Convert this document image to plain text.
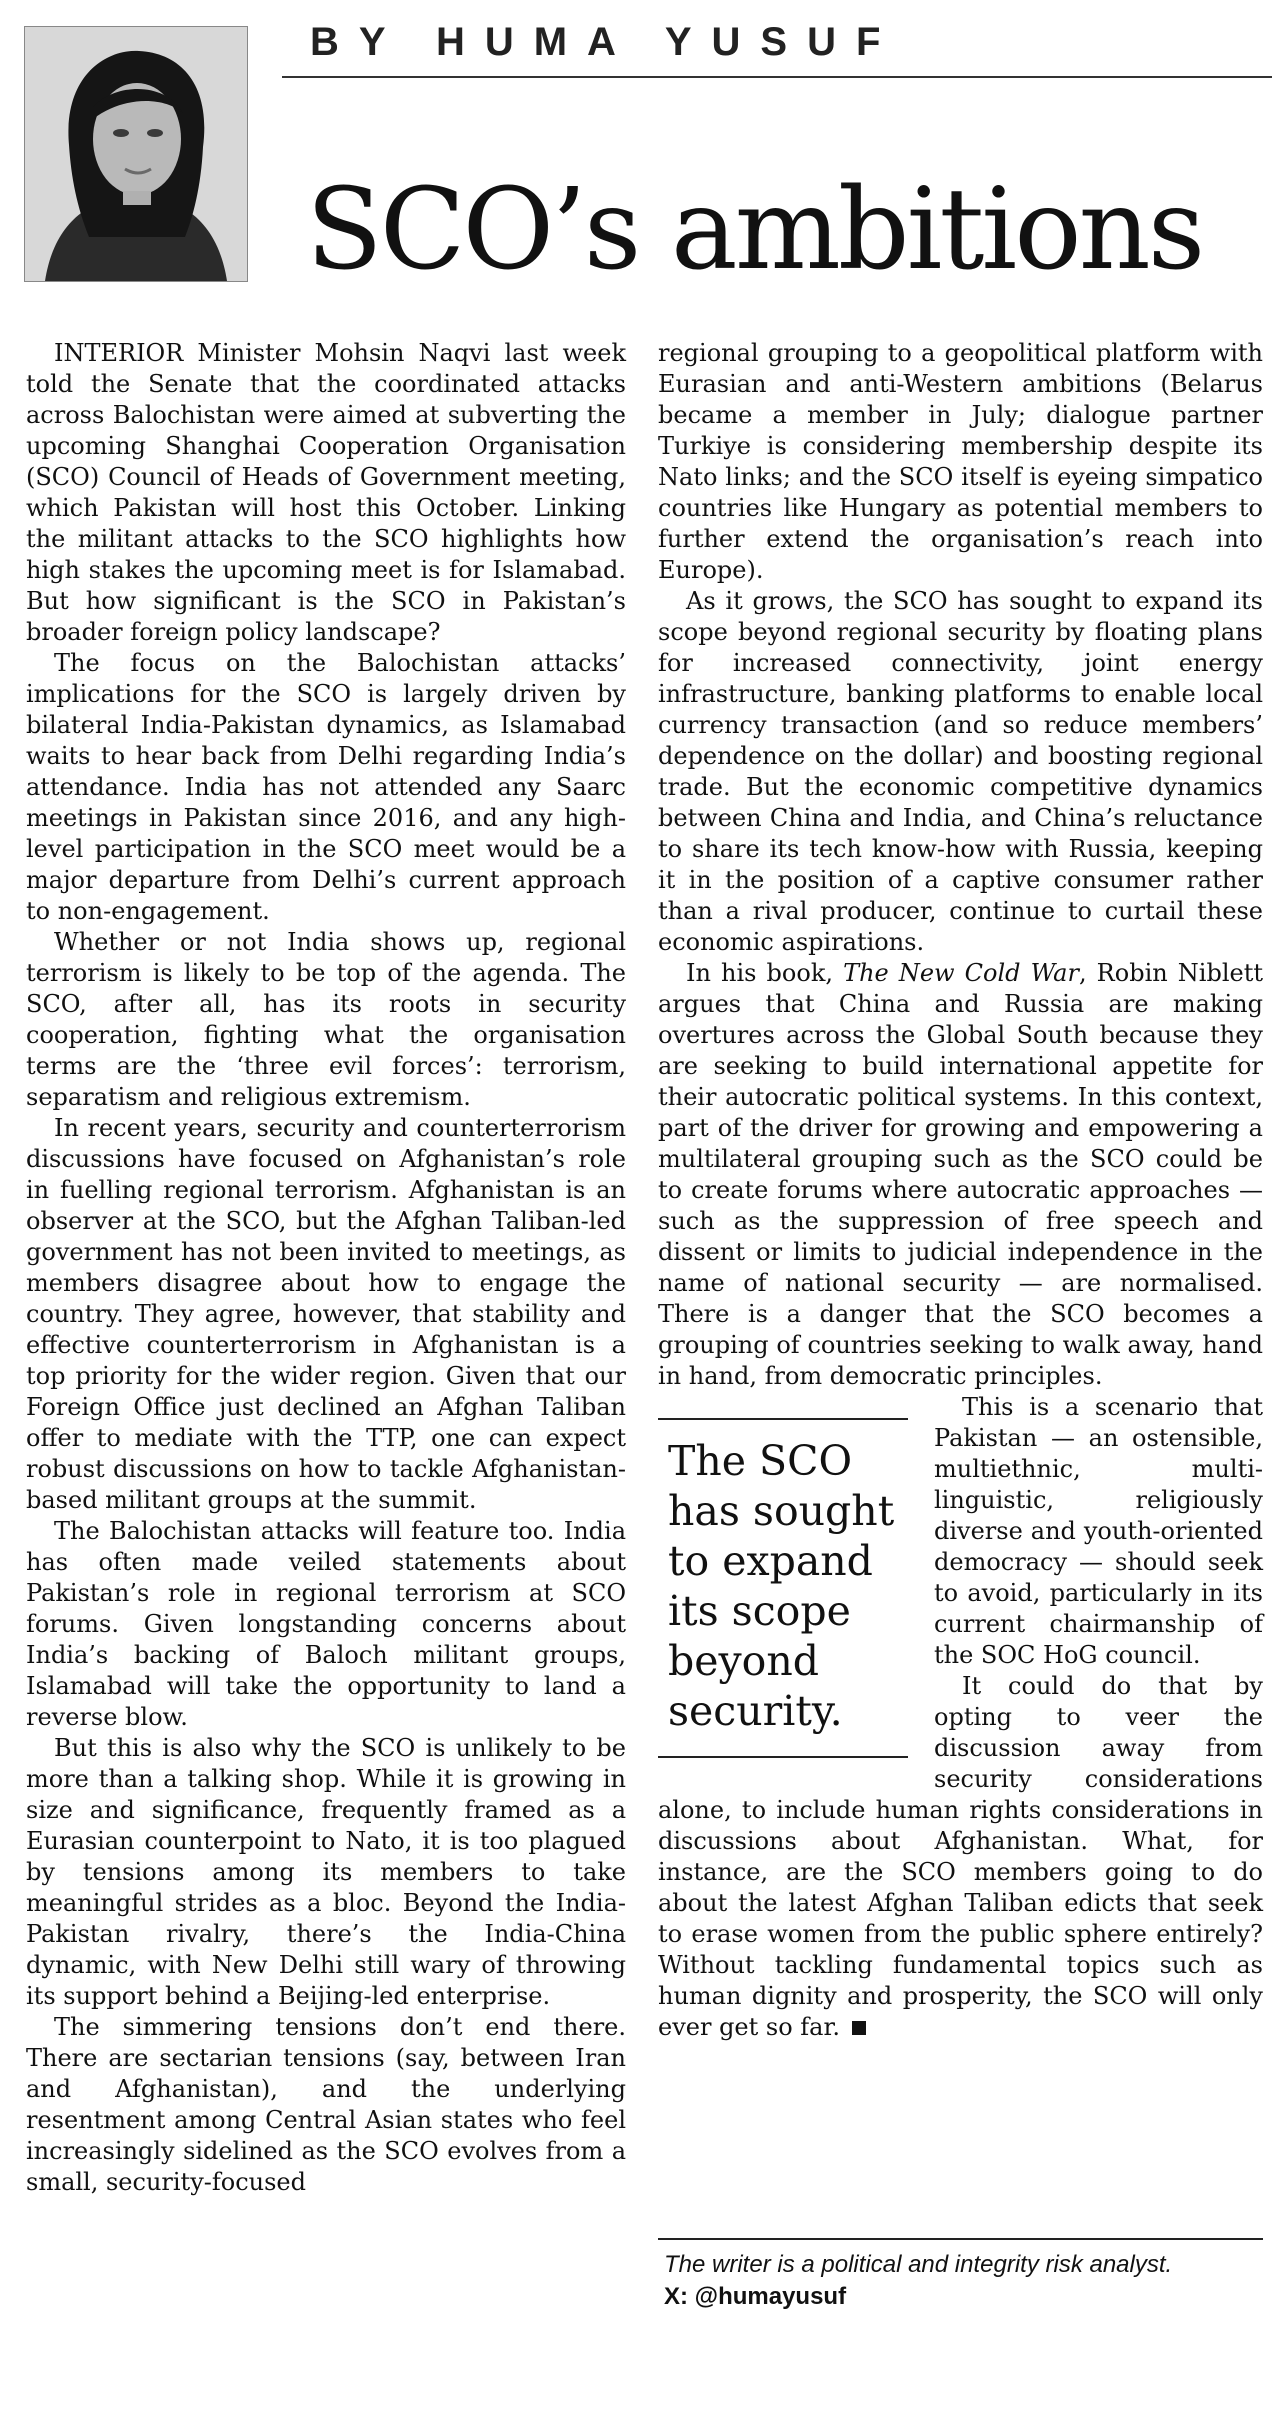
BY HUMA YUSUF
SCO’s ambitions

INTERIOR Minister Mohsin Naqvi last week told the Senate that the coordinated attacks across Balochistan were aimed at subverting the upcoming Shanghai Cooperation Organisation (SCO) Council of Heads of Government meeting, which Pakistan will host this October. Linking the militant attacks to the SCO highlights how high stakes the upcoming meet is for Islamabad. But how significant is the SCO in Pakistan’s broader foreign policy landscape?

The focus on the Balochistan attacks’ implications for the SCO is largely driven by bilateral India-Pakistan dynamics, as Islamabad waits to hear back from Delhi regarding India’s attendance. India has not attended any Saarc meetings in Pakistan since 2016, and any high-level participation in the SCO meet would be a major departure from Delhi’s current approach to non-engagement.

Whether or not India shows up, regional terrorism is likely to be top of the agenda. The SCO, after all, has its roots in security cooperation, fighting what the organisation terms are the ‘three evil forces’: terrorism, separatism and religious extremism.

In recent years, security and counterterrorism discussions have focused on Afghanistan’s role in fuelling regional terrorism. Afghanistan is an observer at the SCO, but the Afghan Taliban-led government has not been invited to meetings, as members disagree about how to engage the country. They agree, however, that stability and effective counterterrorism in Afghanistan is a top priority for the wider region. Given that our Foreign Office just declined an Afghan Taliban offer to mediate with the TTP, one can expect robust discussions on how to tackle Afghanistan-based militant groups at the summit.

The Balochistan attacks will feature too. India has often made veiled statements about Pakistan’s role in regional terrorism at SCO forums. Given longstanding concerns about India’s backing of Baloch militant groups, Islamabad will take the opportunity to land a reverse blow.

But this is also why the SCO is unlikely to be more than a talking shop. While it is growing in size and significance, frequently framed as a Eurasian counterpoint to Nato, it is too plagued by tensions among its members to take meaningful strides as a bloc. Beyond the India-Pakistan rivalry, there’s the India-China dynamic, with New Delhi still wary of throwing its support behind a Beijing-led enterprise.

The simmering tensions don’t end there. There are sectarian tensions (say, between Iran and Afghanistan), and the underlying resentment among Central Asian states who feel increasingly sidelined as the SCO evolves from a small, security-focused

regional grouping to a geopolitical platform with Eurasian and anti-Western ambitions (Belarus became a member in July; dialogue partner Turkiye is considering membership despite its Nato links; and the SCO itself is eyeing simpatico countries like Hungary as potential members to further extend the organisation’s reach into Europe).

As it grows, the SCO has sought to expand its scope beyond regional security by floating plans for increased connectivity, joint energy infrastructure, banking platforms to enable local currency transaction (and so reduce members’ dependence on the dollar) and boosting regional trade. But the economic competitive dynamics between China and India, and China’s reluctance to share its tech know-how with Russia, keeping it in the position of a captive consumer rather than a rival producer, continue to curtail these economic aspirations.

In his book, The New Cold War, Robin Niblett argues that China and Russia are making overtures across the Global South because they are seeking to build international appetite for their autocratic political systems. In this context, part of the driver for growing and empowering a multilateral grouping such as the SCO could be to create forums where autocratic approaches — such as the suppression of free speech and dissent or limits to judicial independence in the name of national security — are normalised. There is a danger that the SCO becomes a grouping of countries seeking to walk away, hand in hand, from democratic principles.
The SCO has sought to expand its scope beyond security.

This is a scenario that Pakistan — an ostensible, multiethnic, multi-linguistic, religiously diverse and youth-oriented democracy — should seek to avoid, particularly in its current chairmanship of the SOC HoG council.

It could do that by opting to veer the discussion away from security considerations alone, to include human rights considerations in discussions about Afghanistan. What, for instance, are the SCO members going to do about the latest Afghan Taliban edicts that seek to erase women from the public sphere entirely? Without tackling fundamental topics such as human dignity and prosperity, the SCO will only ever get so far.

The writer is a political and integrity risk analyst.
X: @humayusuf
